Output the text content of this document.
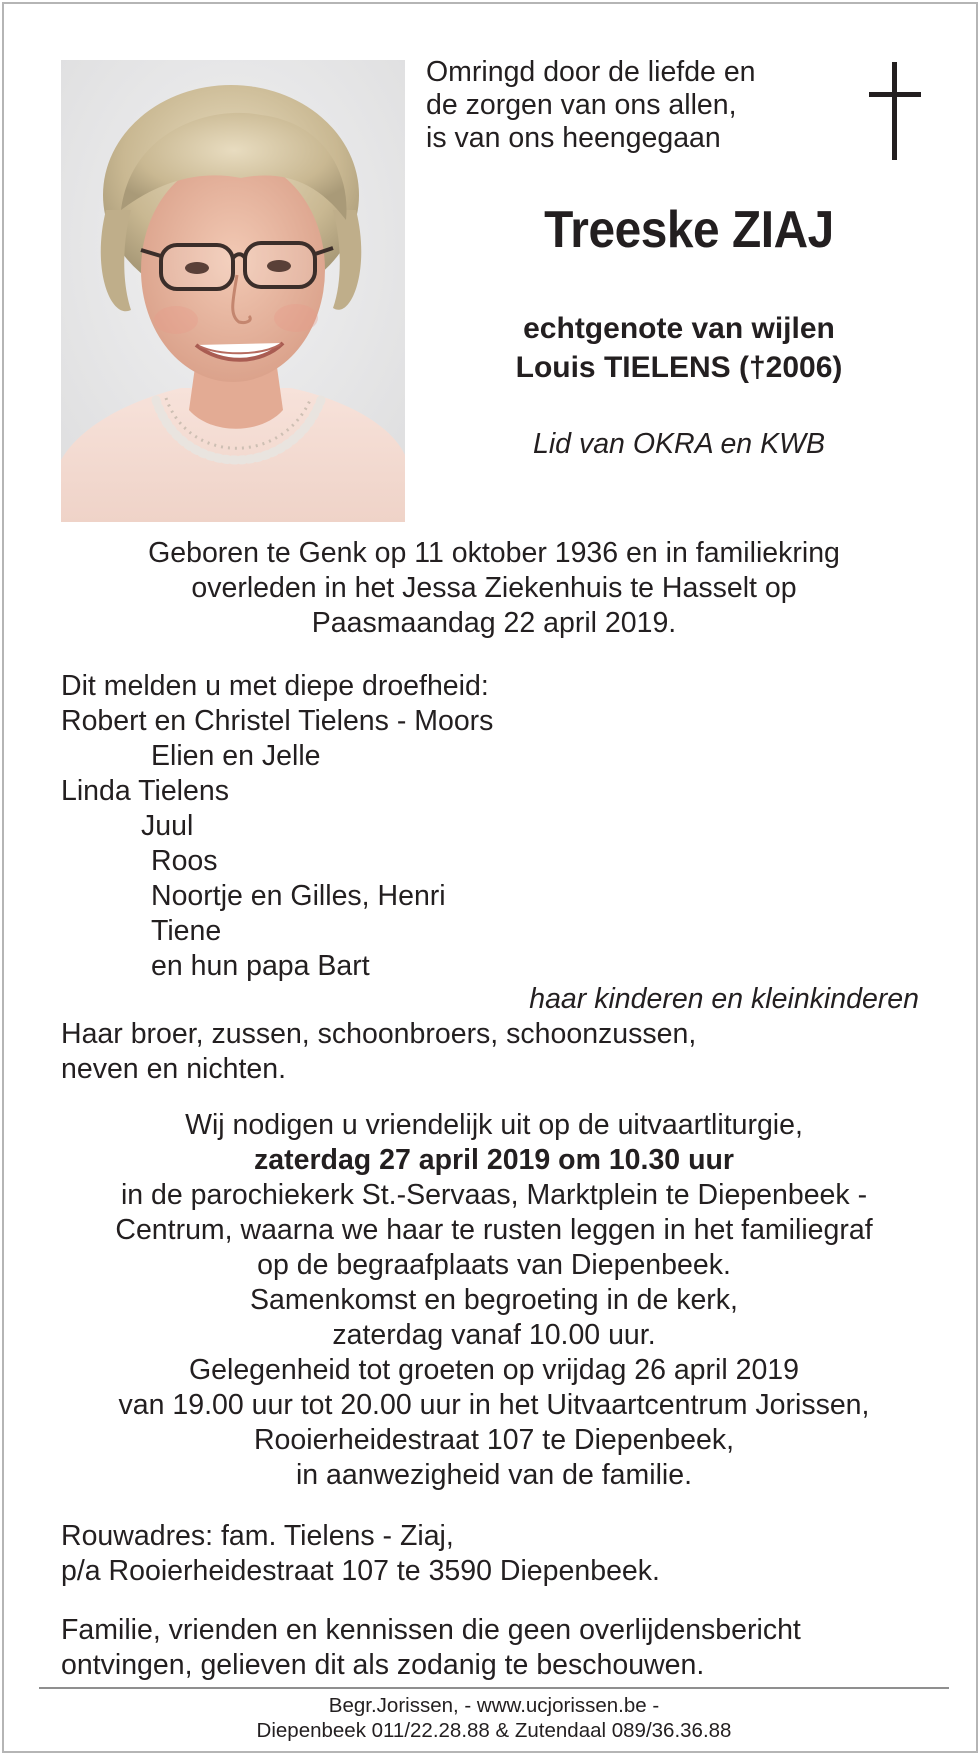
Omringd door de liefde en
de zorgen van ons allen,
is van ons heengegaan
Treeske ZIAJ
echtgenote van wijlen
Louis TIELENS (†2006)
Lid van OKRA en KWB
Geboren te Genk op 11 oktober 1936 en in familiekring
overleden in het Jessa Ziekenhuis te Hasselt op
Paasmaandag 22 april 2019.
Dit melden u met diepe droefheid:
Robert en Christel Tielens - Moors
Elien en Jelle
Linda Tielens
Juul
Roos
Noortje en Gilles, Henri
Tiene
en hun papa Bart
haar kinderen en kleinkinderen
Haar broer, zussen, schoonbroers, schoonzussen,
neven en nichten.
Wij nodigen u vriendelijk uit op de uitvaartliturgie,
zaterdag 27 april 2019 om 10.30 uur
in de parochiekerk St.-Servaas, Marktplein te Diepenbeek -
Centrum, waarna we haar te rusten leggen in het familiegraf
op de begraafplaats van Diepenbeek.
Samenkomst en begroeting in de kerk,
zaterdag vanaf 10.00 uur.
Gelegenheid tot groeten op vrijdag 26 april 2019
van 19.00 uur tot 20.00 uur in het Uitvaartcentrum Jorissen,
Rooierheidestraat 107 te Diepenbeek,
in aanwezigheid van de familie.
Rouwadres: fam. Tielens - Ziaj,
p/a Rooierheidestraat 107 te 3590 Diepenbeek.
Familie, vrienden en kennissen die geen overlijdensbericht
ontvingen, gelieven dit als zodanig te beschouwen.
Begr.Jorissen, - www.ucjorissen.be -
Diepenbeek 011/22.28.88 & Zutendaal 089/36.36.88
